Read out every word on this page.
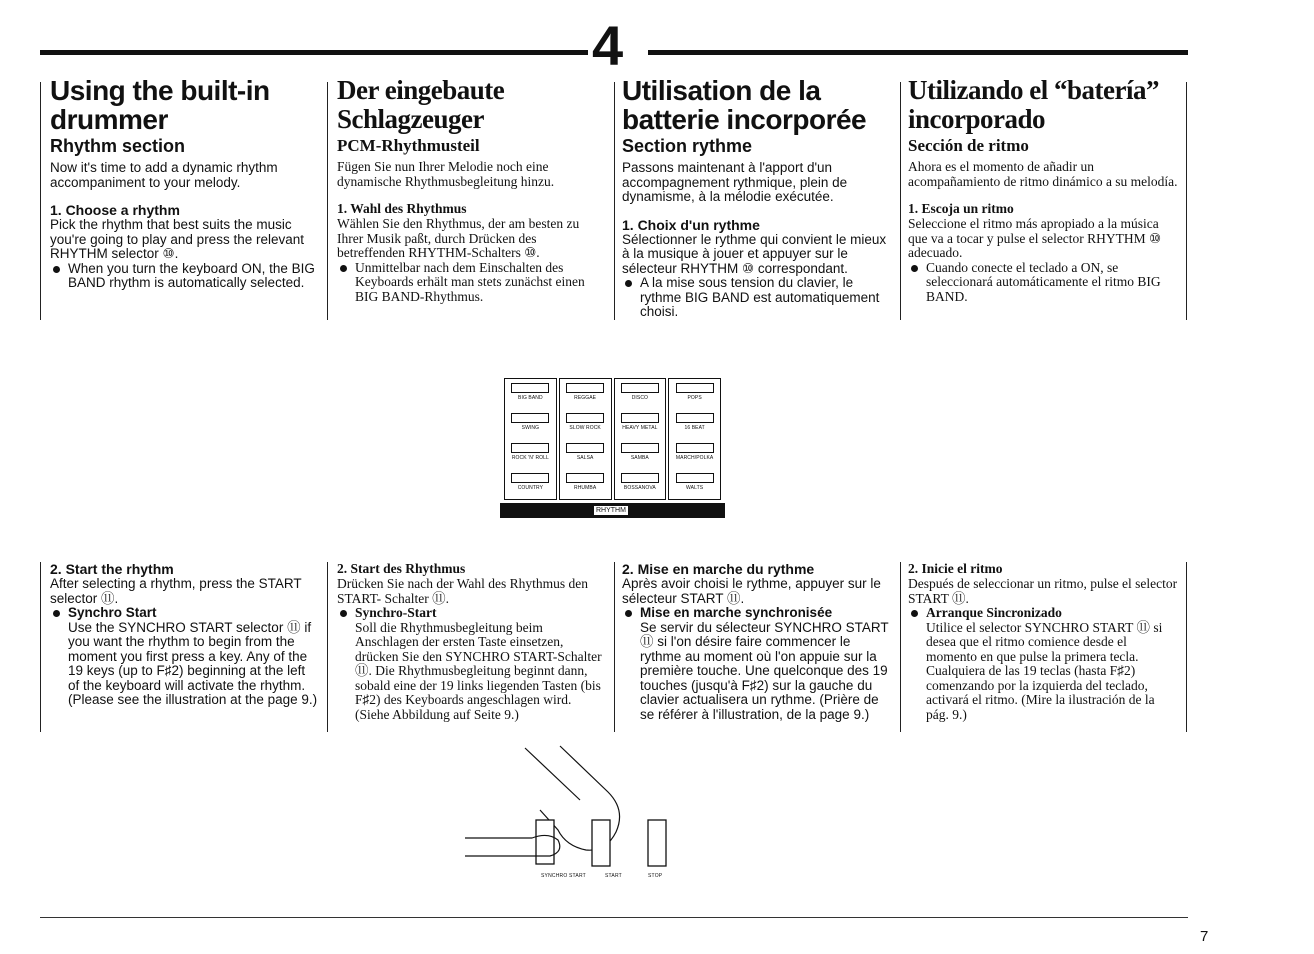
4
Using the built-in drummer
Rhythm section

Now it's time to add a dynamic rhythm accompaniment to your melody.

1. Choose a rhythm

Pick the rhythm that best suits the music you're going to play and press the relevant RHYTHM selector ⑩.

When you turn the keyboard ON, the BIG BAND rhythm is automatically selected.

Der eingebaute Schlagzeuger
PCM-Rhythmusteil

Fügen Sie nun Ihrer Melodie noch eine dynamische Rhythmusbegleitung hinzu.

1. Wahl des Rhythmus

Wählen Sie den Rhythmus, der am besten zu Ihrer Musik paßt, durch Drücken des betreffenden RHYTHM-Schalters ⑩.

Unmittelbar nach dem Einschalten des Keyboards erhält man stets zunächst einen BIG BAND-Rhythmus.

Utilisation de la batterie incorporée
Section rythme

Passons maintenant à l'apport d'un accompagnement rythmique, plein de dynamisme, à la mélodie exécutée.

1. Choix d'un rythme

Sélectionner le rythme qui convient le mieux à la musique à jouer et appuyer sur le sélecteur RHYTHM ⑩ correspondant.

A la mise sous tension du clavier, le rythme BIG BAND est automatiquement choisi.

Utilizando el “batería” incorporado
Sección de ritmo

Ahora es el momento de añadir un acompañamiento de ritmo dinámico a su melodía.

1. Escoja un ritmo

Seleccione el ritmo más apropiado a la música que va a tocar y pulse el selector RHYTHM ⑩ adecuado.

Cuando conecte el teclado a ON, se seleccionará automáticamente el ritmo BIG BAND.

BIG BAND
SWING
ROCK 'N' ROLL
COUNTRY
REGGAE
SLOW ROCK
SALSA
RHUMBA
DISCO
HEAVY METAL
SAMBA
BOSSANOVA
POPS
16 BEAT
MARCH/POLKA
WALTS
RHYTHM
2. Start the rhythm

After selecting a rhythm, press the START selector ⑪.

Synchro Start

Use the SYNCHRO START selector ⑪ if you want the rhythm to begin from the moment you first press a key. Any of the 19 keys (up to F♯2) beginning at the left of the keyboard will activate the rhythm. (Please see the illustration at the page 9.)

2. Start des Rhythmus

Drücken Sie nach der Wahl des Rhythmus den START- Schalter ⑪.

Synchro-Start

Soll die Rhythmusbegleitung beim Anschlagen der ersten Taste einsetzen, drücken Sie den SYNCHRO START-Schalter ⑪. Die Rhythmusbegleitung beginnt dann, sobald eine der 19 links liegenden Tasten (bis F♯2) des Keyboards angeschlagen wird. (Siehe Abbildung auf Seite 9.)

2. Mise en marche du rythme

Après avoir choisi le rythme, appuyer sur le sélecteur START ⑪.

Mise en marche synchronisée

Se servir du sélecteur SYNCHRO START ⑪ si l'on désire faire commencer le rythme au moment où l'on appuie sur la première touche. Une quelconque des 19 touches (jusqu'à F♯2) sur la gauche du clavier actualisera un rythme. (Prière de se référer à l'illustration, de la page 9.)

2. Inicie el ritmo

Después de seleccionar un ritmo, pulse el selector START ⑪.

Arranque Sincronizado

Utilice el selector SYNCHRO START ⑪ si desea que el ritmo comience desde el momento en que pulse la primera tecla. Cualquiera de las 19 teclas (hasta F♯2) comenzando por la izquierda del teclado, activará el ritmo. (Mire la ilustración de la pág. 9.)

SYNCHRO START	START	STOP
7
